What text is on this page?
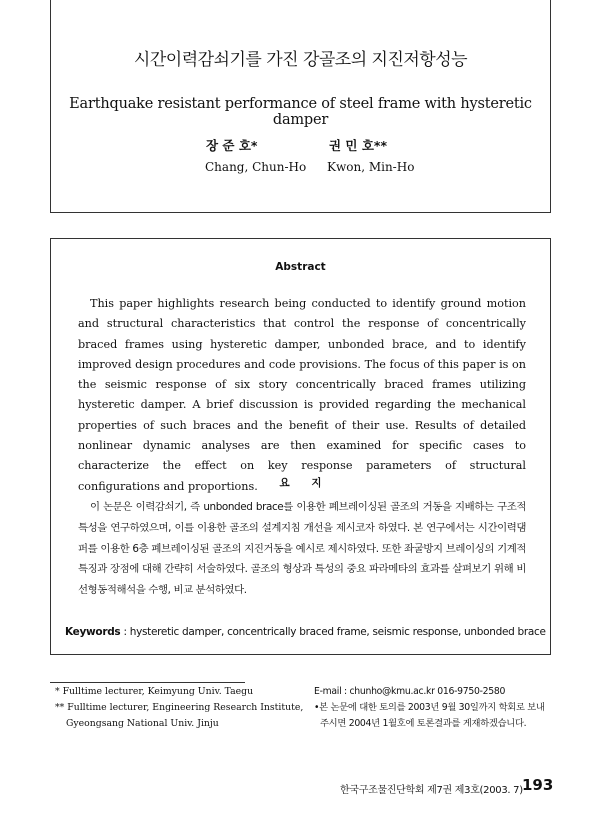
시간이력감쇠기를 가진 강골조의 지진저항성능
Earthquake resistant performance of steel frame with hysteretic damper
장 준 호*	권 민 호**
Chang, Chun-Ho Kwon, Min-Ho
Abstract

This paper highlights research being conducted to identify ground motion and structural characteristics that control the response of concentrically braced frames using hysteretic damper, unbonded brace, and to identify improved design procedures and code provisions. The focus of this paper is on the seismic response of six story concentrically braced frames utilizing hysteretic damper. A brief discussion is provided regarding the mechanical properties of such braces and the benefit of their use. Results of detailed nonlinear dynamic analyses are then examined for specific cases to characterize the effect on key response parameters of structural configurations and proportions.	요 지

이 논문은 이력감쇠기, 즉 unbonded brace를 이용한 폐브레이싱된 골조의 거동을 지배하는 구조적 특성을 연구하였으며, 이를 이용한 골조의 설계지침 개선을 제시코자 하였다. 본 연구에서는 시간이력댐퍼를 이용한 6층 폐브레이싱된 골조의 지진거동을 예시로 제시하였다. 또한 좌굴방지 브레이싱의 기계적 특징과 장점에 대해 간략히 서술하였다. 골조의 형상과 특성의 중요 파라메타의 효과를 살펴보기 위해 비선형동적해석을 수행, 비교 분석하였다.

Keywords : hysteretic damper, concentrically braced frame, seismic response, unbonded brace
* Fulltime lecturer, Keimyung Univ. Taegu
** Fulltime lecturer, Engineering Research Institute,
Gyeongsang National Univ. Jinju
E-mail : chunho@kmu.ac.kr 016-9750-2580
•본 논문에 대한 토의를 2003년 9월 30일까지 학회로 보내
주시면 2004년 1월호에 토론결과를 게재하겠습니다.
한국구조물진단학회 제7권 제3호(2003. 7) 193
